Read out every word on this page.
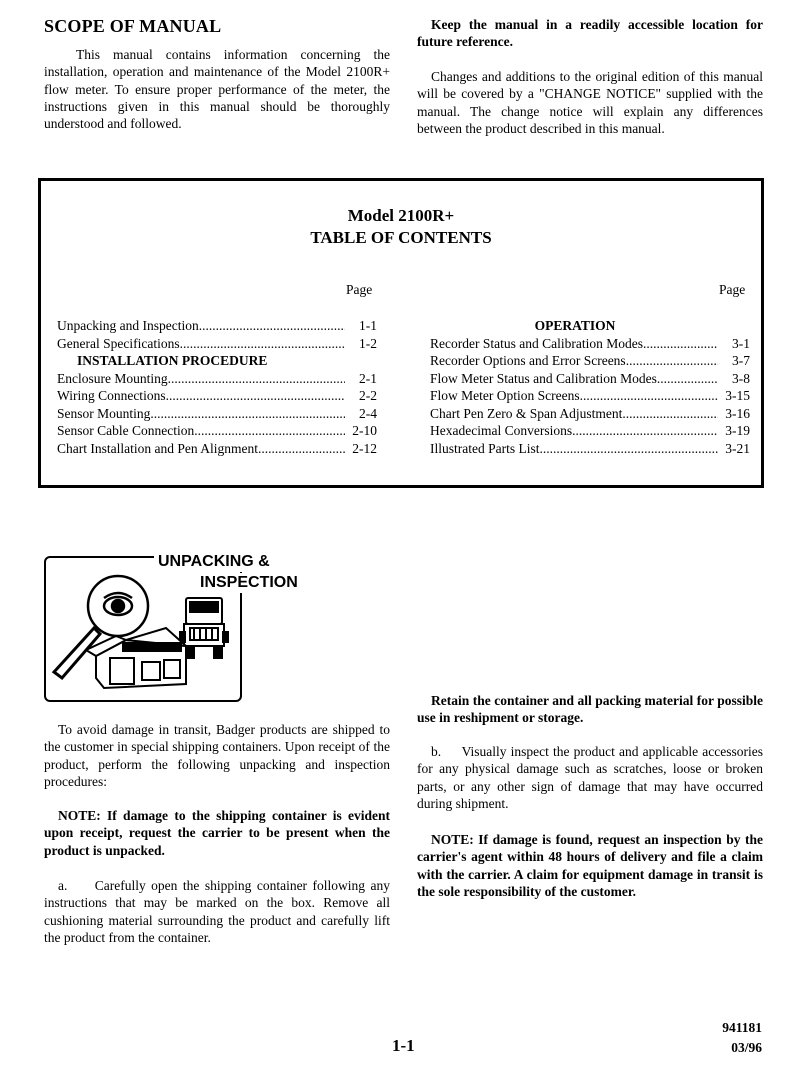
SCOPE OF MANUAL

This manual contains information concerning the installation, operation and maintenance of the Model 2100R+ flow meter. To ensure proper performance of the meter, the instructions given in this manual should be thoroughly understood and followed.

Keep the manual in a readily accessible location for future reference.

Changes and additions to the original edition of this manual will be covered by a "CHANGE NOTICE" supplied with the manual. The change notice will explain any differences between the product described in this manual.

Model 2100R+
TABLE OF CONTENTS
Page	Page
Unpacking and Inspection .....	1-1
General Specifications .....	1-2
INSTALLATION PROCEDURE
Enclosure Mounting .....	2-1
Wiring Connections .....	2-2
Sensor Mounting .....	2-4
Sensor Cable Connection .....	2-10
Chart Installation and Pen Alignment .....	2-12
OPERATION
Recorder Status and Calibration Modes .....	3-1
Recorder Options and Error Screens .....	3-7
Flow Meter Status and Calibration Modes .....	3-8
Flow Meter Option Screens .....	3-15
Chart Pen Zero & Span Adjustment .....	3-16
Hexadecimal Conversions .....	3-19
Illustrated Parts List .....	3-21
UNPACKING &
INSPECTION

To avoid damage in transit, Badger products are shipped to the customer in special shipping containers. Upon receipt of the product, perform the following unpacking and inspection procedures:

NOTE: If damage to the shipping container is evident upon receipt, request the carrier to be present when the product is unpacked.

a.     Carefully open the shipping container following any instructions that may be marked on the box. Remove all cushioning material surrounding the product and carefully lift the product from the container.

Retain the container and all packing material for possible use in reshipment or storage.

b.     Visually inspect the product and applicable accessories for any physical damage such as scratches, loose or broken parts, or any other sign of damage that may have occurred during shipment.

NOTE: If damage is found, request an inspection by the carrier's agent within 48 hours of delivery and file a claim with the carrier. A claim for equipment damage in transit is the sole responsibility of the customer.

1-1
941181
03/96
